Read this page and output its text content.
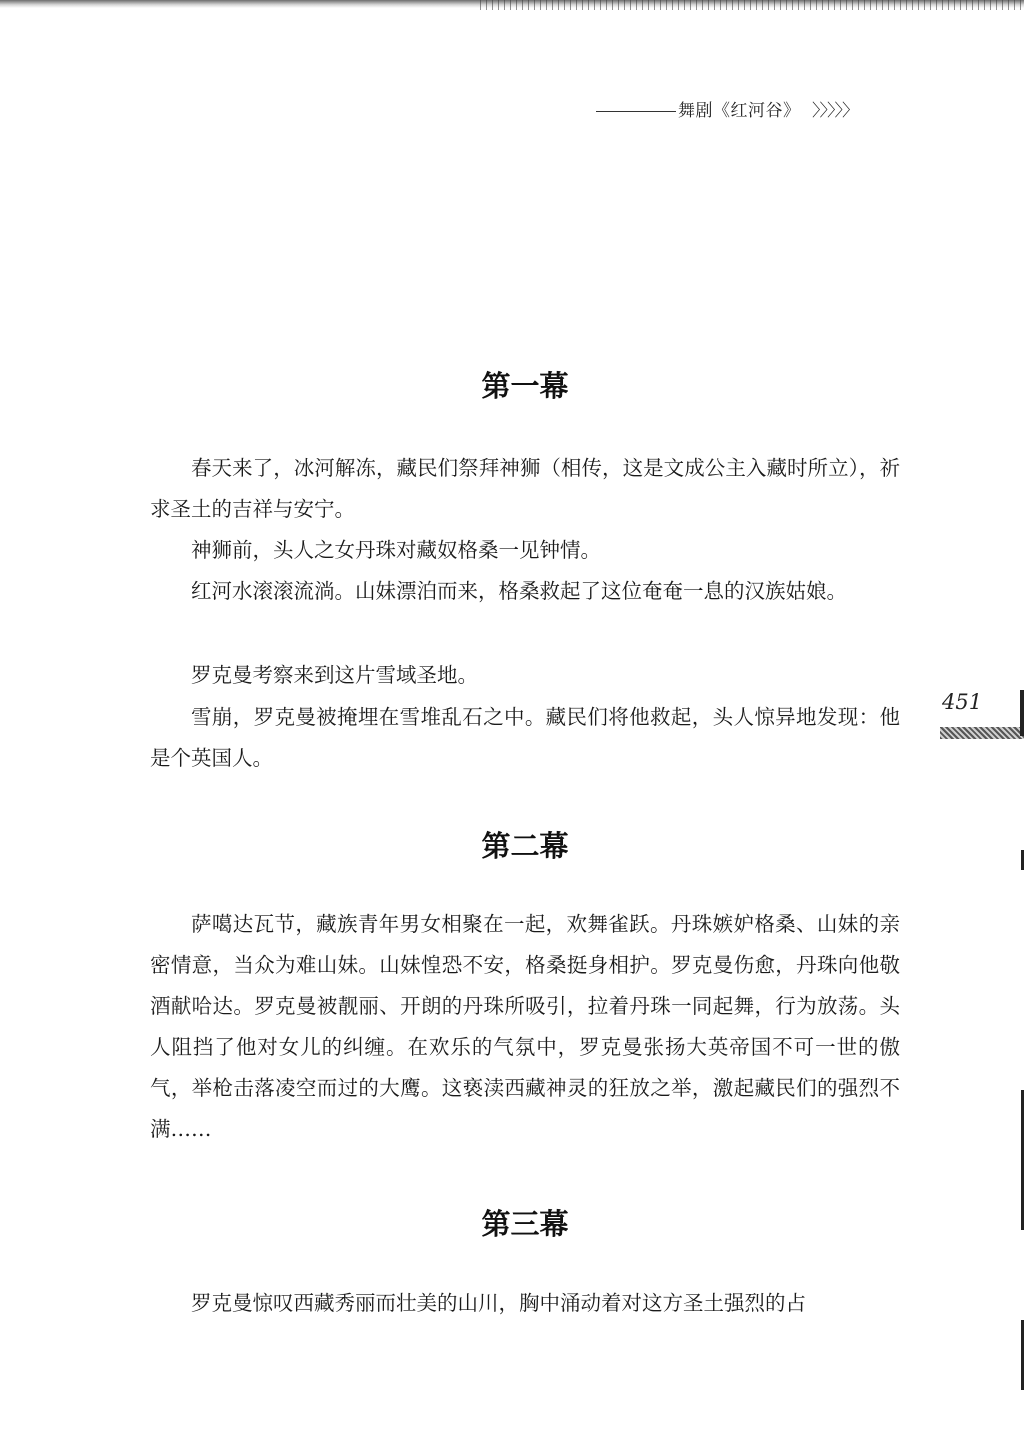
舞剧《红河谷》 〉〉〉〉〉
451
第一幕

春天来了，冰河解冻，藏民们祭拜神狮（相传，这是文成公主入藏时所立），祈求圣土的吉祥与安宁。

神狮前，头人之女丹珠对藏奴格桑一见钟情。

红河水滚滚流淌。山妹漂泊而来，格桑救起了这位奄奄一息的汉族姑娘。

罗克曼考察来到这片雪域圣地。

雪崩，罗克曼被掩埋在雪堆乱石之中。藏民们将他救起，头人惊异地发现：他是个英国人。

第二幕

萨噶达瓦节，藏族青年男女相聚在一起，欢舞雀跃。丹珠嫉妒格桑、山妹的亲密情意，当众为难山妹。山妹惶恐不安，格桑挺身相护。罗克曼伤愈，丹珠向他敬酒献哈达。罗克曼被靓丽、开朗的丹珠所吸引，拉着丹珠一同起舞，行为放荡。头人阻挡了他对女儿的纠缠。在欢乐的气氛中，罗克曼张扬大英帝国不可一世的傲气，举枪击落凌空而过的大鹰。这亵渎西藏神灵的狂放之举，激起藏民们的强烈不满……

第三幕

罗克曼惊叹西藏秀丽而壮美的山川，胸中涌动着对这方圣土强烈的占
